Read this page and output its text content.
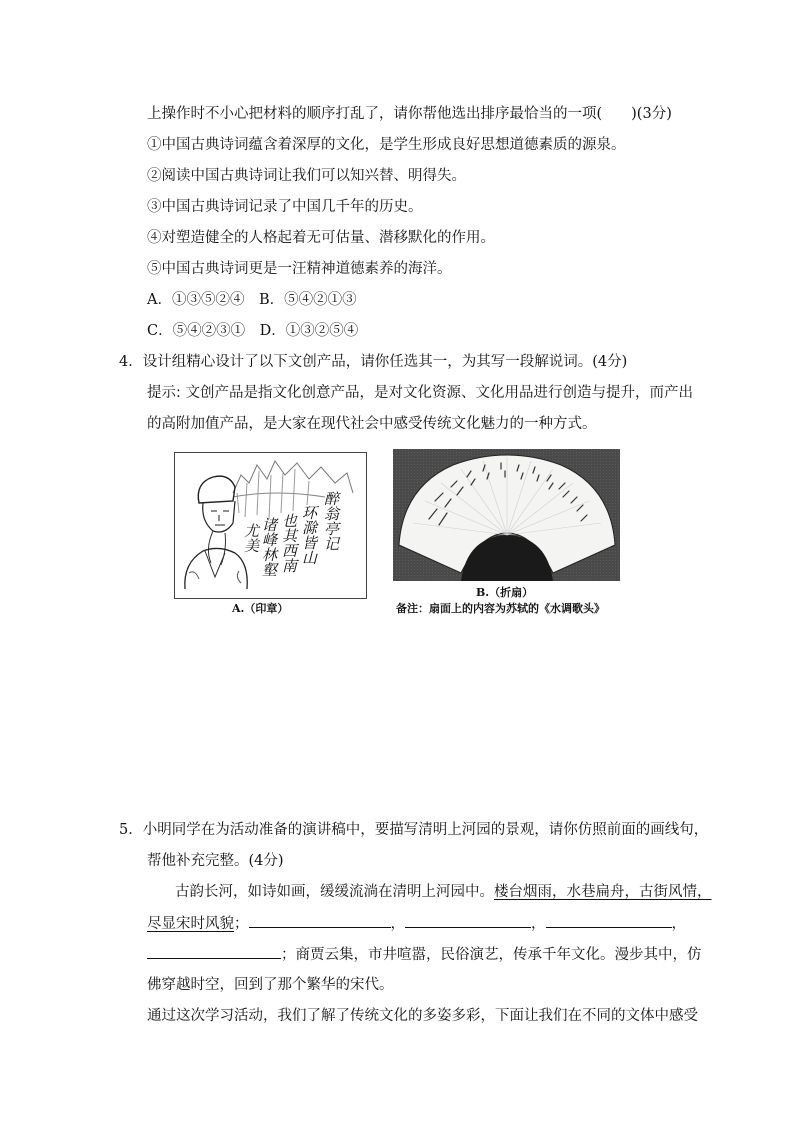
上操作时不小心把材料的顺序打乱了，请你帮他选出排序最恰当的一项(　　)(3分)
①中国古典诗词蕴含着深厚的文化，是学生形成良好思想道德素质的源泉。
②阅读中国古典诗词让我们可以知兴替、明得失。
③中国古典诗词记录了中国几千年的历史。
④对塑造健全的人格起着无可估量、潜移默化的作用。
⑤中国古典诗词更是一汪精神道德素养的海洋。
A．①③⑤②④　B．⑤④②①③
C．⑤④②③①　D．①③②⑤④
4．设计组精心设计了以下文创产品，请你任选其一，为其写一段解说词。(4分)
提示: 文创产品是指文化创意产品，是对文化资源、文化用品进行创造与提升，而产出
的高附加值产品，是大家在现代社会中感受传统文化魅力的一种方式。
醉翁亭记
环滁皆山
也其西南
诸峰林壑
尤美
A.（印章）
B.（折扇）
备注：扇面上的内容为苏轼的《水调歌头》
5．小明同学在为活动准备的演讲稿中，要描写清明上河园的景观，请你仿照前面的画线句，
帮他补充完整。(4分)
古韵长河，如诗如画，缓缓流淌在清明上河园中。楼台烟雨，水巷扁舟，古街风情，
尽显宋时风貌；	，	，	，
；商贾云集，市井喧嚣，民俗演艺，传承千年文化。漫步其中，仿
佛穿越时空，回到了那个繁华的宋代。
通过这次学习活动，我们了解了传统文化的多姿多彩，下面让我们在不同的文体中感受
